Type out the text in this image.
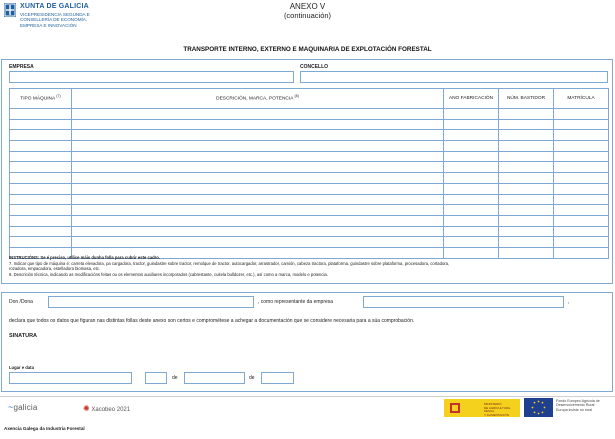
XUNTA DE GALICIA
VICEPRESIDENCIA SEGUNDA E
CONSELLERÍA DE ECONOMÍA,
EMPRESA E INNOVACIÓN
ANEXO V
(continuación)
TRANSPORTE INTERNO, EXTERNO E MAQUINARIA DE EXPLOTACIÓN FORESTAL
EMPRESA	CONCELLO
TIPO MÁQUINA $^{(7)}$	DESCRICIÓN, MARCA, POTENCIA $^{(8)}$	ANO FABRICACIÓN	NÚM. BASTIDOR	MATRÍCULA

INSTRUCIÓNS: Se é preciso, utilice máis dunha folla para cubrir este cadro.
7. Indicar que tipo de máquina é: carreta elevadora, pa cargadora, tractor, guindastre sobre tractor, remolque de tractor, autocargador, arrastrador, camión, cabeza tractora, plataforma, guindastre sobre plataforma, procesadora, cortadora,
rozadora, empacadora, estelladora biomasa, etc.
8. Descrición técnica, indicando as modificacións feitas ou os elementos auxiliares incorporados (cabrestante, cuitela bulldozer, etc.), así como a marca, modelo e potencia.
Don /Dona	, como representante da empresa	,
declara que todos os datos que figuran nas distintas follas deste anexo son certos e comprométese a achegar a documentación que se considere necesaria para a súa comprobación.
SINATURA
Lugar e data
de	de
~galicia	✺ Xacobeo 2021
MINISTERIO
DE AGRICULTURA, PESCA
Y ALIMENTACIÓN
Fondo Europeo Agrícola de
Desenvolvemento Rural:
Europa inviste no rural
Axencia Galega da Industria Forestal
